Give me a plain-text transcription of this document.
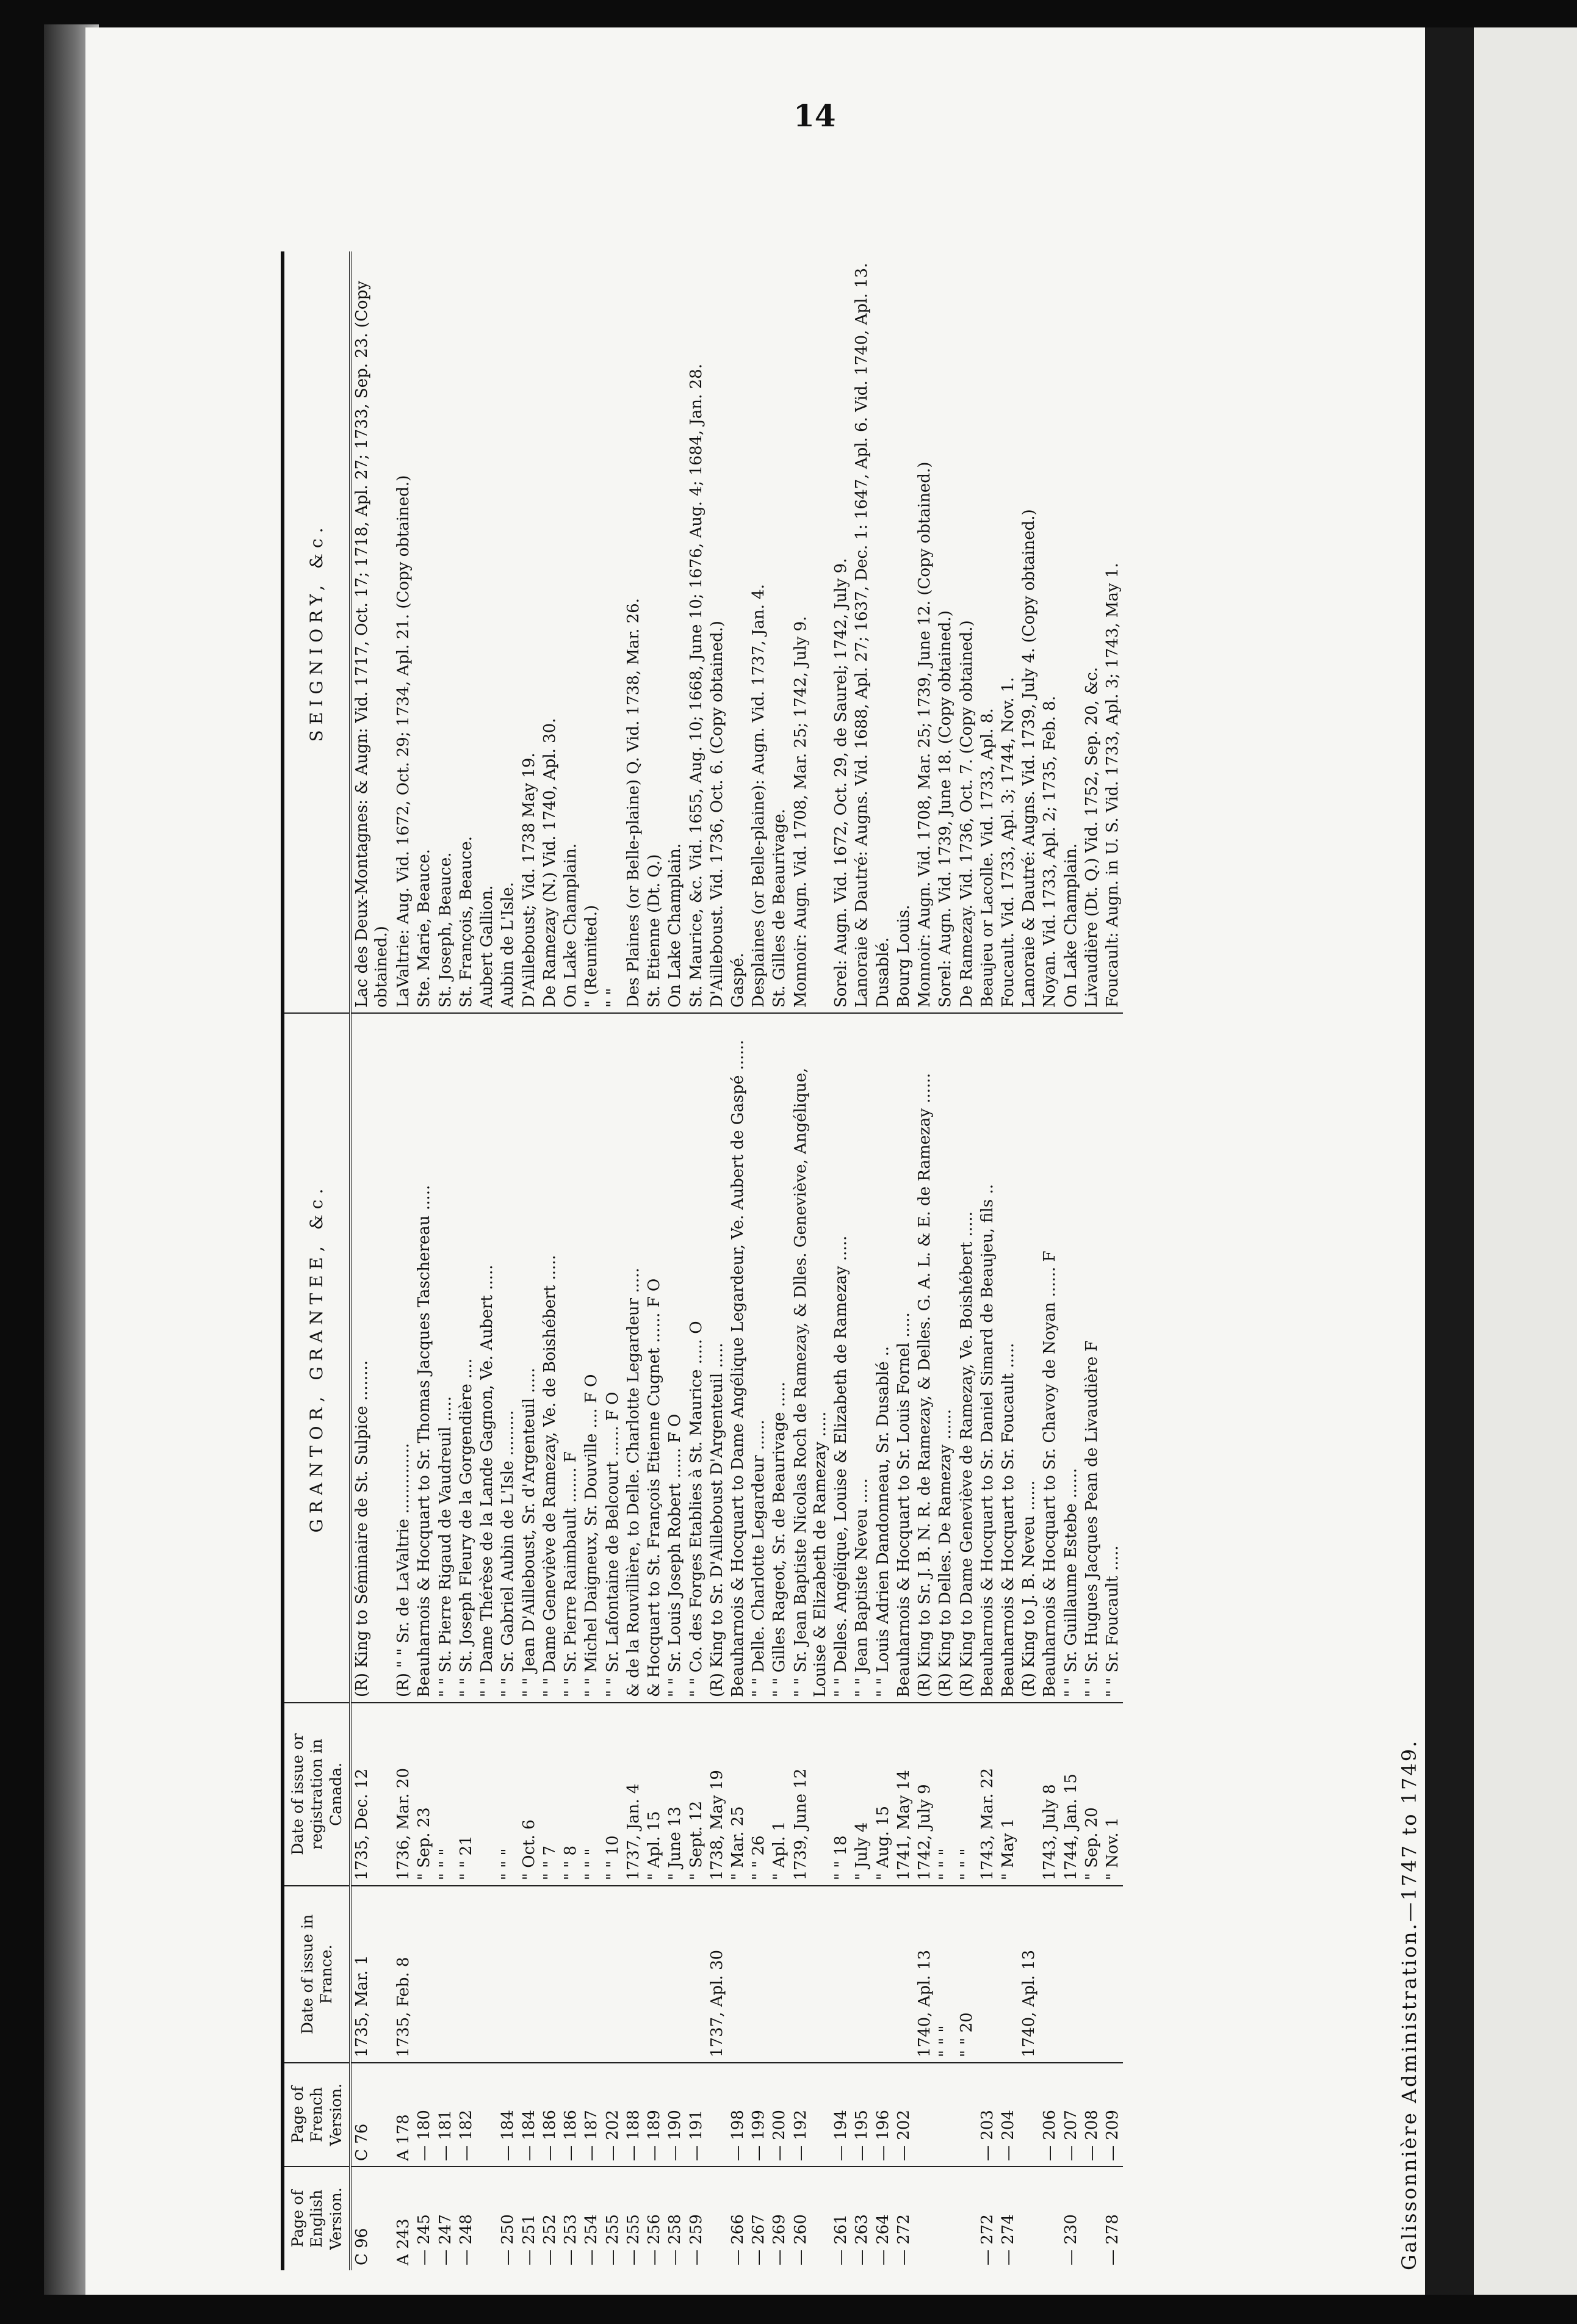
14
Page of English Version.	Page of French Version.	Date of issue in France.	Date of issue or registration in Canada.	GRANTOR, GRANTEE, &c.	SEIGNIORY, &c.
C 96	C 76	1735, Mar. 1	1735, Dec. 12	(R) King to Séminaire de St. Sulpice ........	Lac des Deux-Montagnes: & Augn: Vid. 1717, Oct. 17; 1718, Apl. 27; 1733, Sep. 23. (Copy obtained.)

A 243	A 178	1735, Feb. 8	1736, Mar. 20	(R) " " Sr. de LaValtrie ..............	LaValtrie: Aug. Vid. 1672, Oct. 29; 1734, Apl. 21. (Copy obtained.)
— 245	— 180		" Sep. 23	Beauharnois & Hocquart to Sr. Thomas Jacques Taschereau .....	Ste. Marie, Beauce.
— 247	— 181		" " "	" " St. Pierre Rigaud de Vaudreuil .....	St. Joseph, Beauce.
— 248	— 182		" " 21	" " St. Joseph Fleury de la Gorgendière ....	St. François, Beauce.
				" " Dame Thérèse de la Lande Gagnon, Ve. Aubert .....	Aubert Gallion.
— 250	— 184		" " "	" " Sr. Gabriel Aubin de L'Isle .........	Aubin de L'Isle.
— 251	— 184		" Oct. 6	" " Jean D'Ailleboust, Sr. d'Argenteuil .....	D'Ailleboust; Vid. 1738 May 19.
— 252	— 186		" " 7	" " Dame Geneviève de Ramezay, Ve. de Boishébert .....	De Ramezay (N.) Vid. 1740, Apl. 30.
— 253	— 186		" " 8	" " Sr. Pierre Raimbault ....... F	On Lake Champlain.
— 254	— 187		" " "	" " Michel Daigneux, Sr. Douville .... F O	" (Reunited.)
— 255	— 202		" " 10	" " Sr. Lafontaine de Belcourt ...... F O	" "
— 255	— 188		1737, Jan. 4	& de la Rouvillière, to Delle. Charlotte Legardeur .....	Des Plaines (or Belle-plaine) Q. Vid. 1738, Mar. 26.
— 256	— 189		" Apl. 15	& Hocquart to St. François Etienne Cugnet ...... F O	St. Etienne (Dt. Q.)
— 258	— 190		" June 13	" " Sr. Louis Joseph Robert ...... F O	On Lake Champlain.
— 259	— 191		" Sept. 12	" " Co. des Forges Etablies à St. Maurice ..... O	St. Maurice, &c. Vid. 1655, Aug. 10; 1668, June 10; 1676, Aug. 4; 1684, Jan. 28.
		1737, Apl. 30	1738, May 19	(R) King to Sr. D'Ailleboust D'Argenteuil .....	D'Ailleboust. Vid. 1736, Oct. 6. (Copy obtained.)
— 266	— 198		" Mar. 25	Beauharnois & Hocquart to Dame Angélique Legardeur, Ve. Aubert de Gaspé ......	Gaspé.
— 267	— 199		" " 26	" " Delle. Charlotte Legardeur ......	Desplaines (or Belle-plaine): Augn. Vid. 1737, Jan. 4.
— 269	— 200		" Apl. 1	" " Gilles Rageot, Sr. de Beaurivage .....	St. Gilles de Beaurivage.
— 260	— 192		1739, June 12	" " Sr. Jean Baptiste Nicolas Roch de Ramezay, & Dlles. Geneviève, Angélique, Louise & Elizabeth de Ramezay .....	Monnoir: Augn. Vid. 1708, Mar. 25; 1742, July 9.
— 261	— 194		" " 18	" " Delles. Angélique, Louise & Elizabeth de Ramezay .....	Sorel: Augn. Vid. 1672, Oct. 29, de Saurel; 1742, July 9.
— 263	— 195		" July 4	" " Jean Baptiste Neveu .....	Lanoraie & Dautré: Augns. Vid. 1688, Apl. 27; 1637, Dec. 1: 1647, Apl. 6. Vid. 1740, Apl. 13.
— 264	— 196		" Aug. 15	" " Louis Adrien Dandonneau, Sr. Dusablé ..	Dusablé.
— 272	— 202		1741, May 14	Beauharnois & Hocquart to Sr. Louis Fornel .....	Bourg Louis.
		1740, Apl. 13	1742, July 9	(R) King to Sr. J. B. N. R. de Ramezay, & Delles. G. A. L. & E. de Ramezay ......	Monnoir: Augn. Vid. 1708, Mar. 25; 1739, June 12. (Copy obtained.)
		" " "	" " "	(R) King to Delles. De Ramezay ......	Sorel: Augn. Vid. 1739, June 18. (Copy obtained.)
		" " 20	" " "	(R) King to Dame Geneviève de Ramezay, Ve. Boishébert .....	De Ramezay. Vid. 1736, Oct. 7. (Copy obtained.)
— 272	— 203		1743, Mar. 22	Beauharnois & Hocquart to Sr. Daniel Simard de Beaujeu, fils ..	Beaujeu or Lacolle. Vid. 1733, Apl. 8.
— 274	— 204		" May 1	Beauharnois & Hocquart to Sr. Foucault .....	Foucault. Vid. 1733, Apl. 3; 1744, Nov. 1.
		1740, Apl. 13		(R) King to J. B. Neveu ......	Lanoraie & Dautré: Augns. Vid. 1739, July 4. (Copy obtained.)
	— 206		1743, July 8	Beauharnois & Hocquart to Sr. Chavoy de Noyan ...... F	Noyan. Vid. 1733, Apl. 2; 1735, Feb. 8.
— 230	— 207		1744, Jan. 15	" " Sr. Guillaume Estebe ......	On Lake Champlain.
	— 208		" Sep. 20	" " Sr. Hugues Jacques Pean de Livaudière F	Livaudière (Dt. Q.) Vid. 1752, Sep. 20, &c.
— 278	— 209		" Nov. 1	" " Sr. Foucault .....	Foucault: Augn. in U. S. Vid. 1733, Apl. 3; 1743, May 1.
Galissonnière Administration.—1747 to 1749.
